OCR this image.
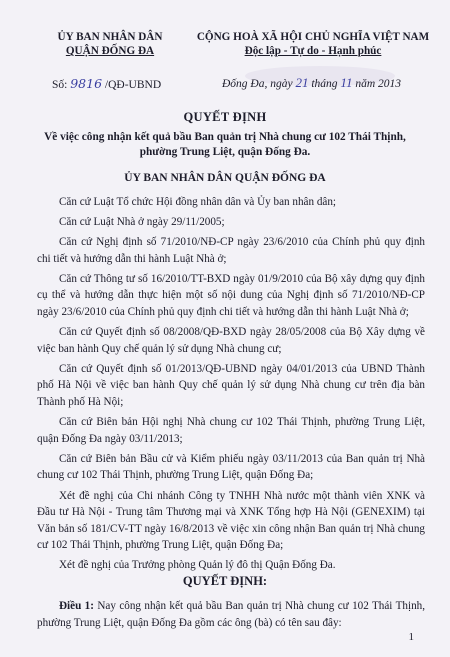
ỦY BAN NHÂN DÂN
QUẬN ĐỐNG ĐA
CỘNG HOÀ XÃ HỘI CHỦ NGHĨA VIỆT NAM
Độc lập - Tự do - Hạnh phúc
Số: 9816 /QĐ-UBND	Đống Đa, ngày 21 tháng 11 năm 2013
QUYẾT ĐỊNH
Về việc công nhận kết quả bầu Ban quản trị Nhà chung cư 102 Thái Thịnh, phường Trung Liệt, quận Đống Đa.
ỦY BAN NHÂN DÂN QUẬN ĐỐNG ĐA

Căn cứ Luật Tổ chức Hội đồng nhân dân và Ủy ban nhân dân;

Căn cứ Luật Nhà ở ngày 29/11/2005;

Căn cứ Nghị định số 71/2010/NĐ-CP ngày 23/6/2010 của Chính phủ quy định chi tiết và hướng dẫn thi hành Luật Nhà ở;

Căn cứ Thông tư số 16/2010/TT-BXD ngày 01/9/2010 của Bộ xây dựng quy định cụ thể và hướng dẫn thực hiện một số nội dung của Nghị định số 71/2010/NĐ-CP ngày 23/6/2010 của Chính phủ quy định chi tiết và hướng dẫn thi hành Luật Nhà ở;

Căn cứ Quyết định số 08/2008/QĐ-BXD ngày 28/05/2008 của Bộ Xây dựng về việc ban hành Quy chế quản lý sử dụng Nhà chung cư;

Căn cứ Quyết định số 01/2013/QĐ-UBND ngày 04/01/2013 của UBND Thành phố Hà Nội về việc ban hành Quy chế quản lý sử dụng Nhà chung cư trên địa bàn Thành phố Hà Nội;

Căn cứ Biên bản Hội nghị Nhà chung cư 102 Thái Thịnh, phường Trung Liệt, quận Đống Đa ngày 03/11/2013;

Căn cứ Biên bản Bầu cử và Kiểm phiếu ngày 03/11/2013 của Ban quản trị Nhà chung cư 102 Thái Thịnh, phường Trung Liệt, quận Đống Đa;

Xét đề nghị của Chi nhánh Công ty TNHH Nhà nước một thành viên XNK và Đầu tư Hà Nội - Trung tâm Thương mại và XNK Tổng hợp Hà Nội (GENEXIM) tại Văn bản số 181/CV-TT ngày 16/8/2013 về việc xin công nhận Ban quản trị Nhà chung cư 102 Thái Thịnh, phường Trung Liệt, quận Đống Đa;

Xét đề nghị của Trưởng phòng Quản lý đô thị Quận Đống Đa.

QUYẾT ĐỊNH:
Điều 1: Nay công nhận kết quả bầu Ban quản trị Nhà chung cư 102 Thái Thịnh, phường Trung Liệt, quận Đống Đa gồm các ông (bà) có tên sau đây:
1
